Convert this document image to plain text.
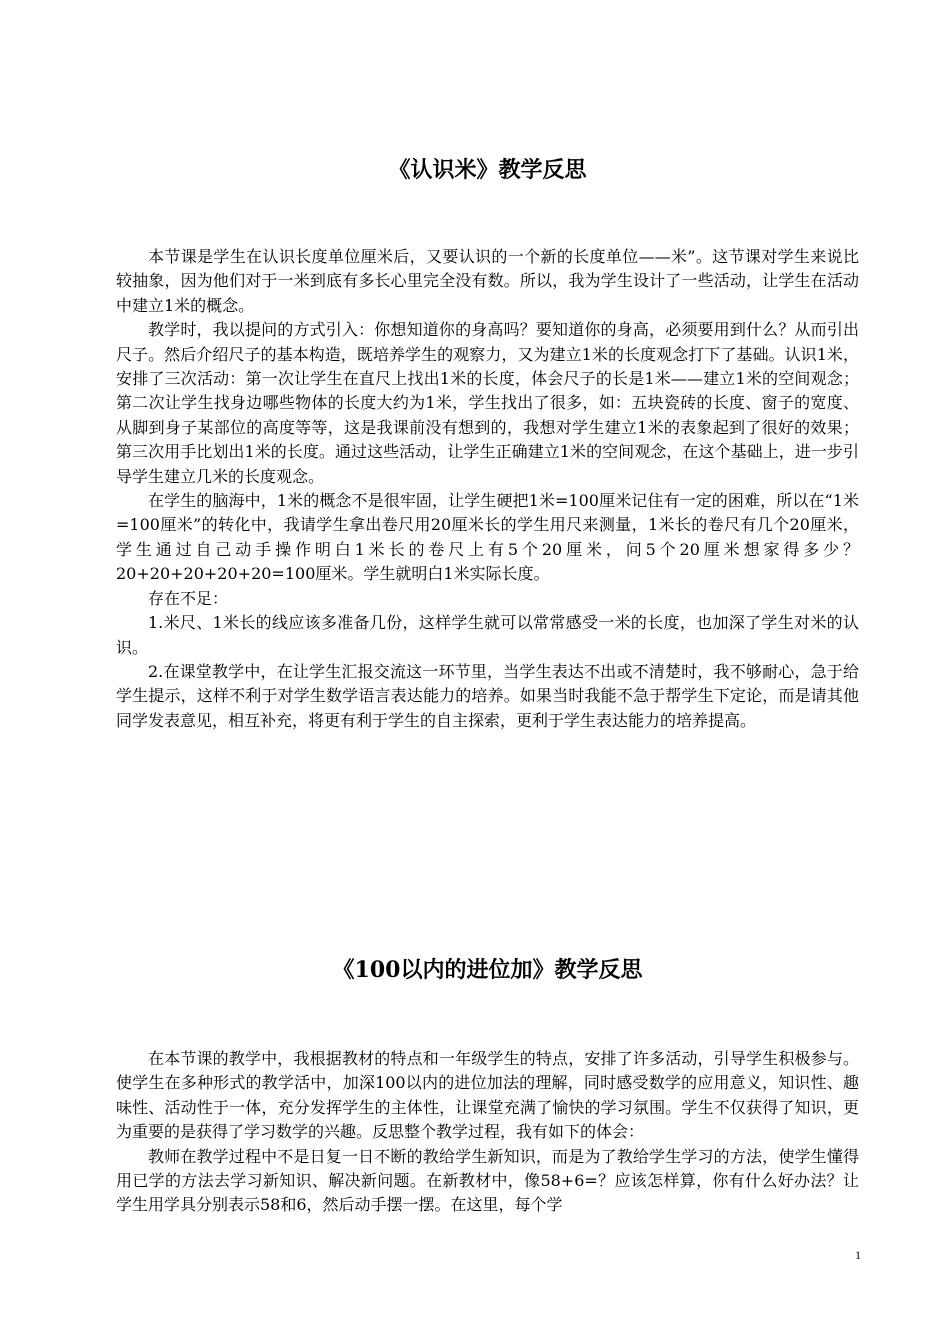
《认识米》教学反思

本节课是学生在认识长度单位厘米后，又要认识的一个新的长度单位——米”。这节课对学生来说比较抽象，因为他们对于一米到底有多长心里完全没有数。所以，我为学生设计了一些活动，让学生在活动中建立1米的概念。

教学时，我以提问的方式引入：你想知道你的身高吗？要知道你的身高，必须要用到什么？从而引出尺子。然后介绍尺子的基本构造，既培养学生的观察力，又为建立1米的长度观念打下了基础。认识1米，安排了三次活动：第一次让学生在直尺上找出1米的长度，体会尺子的长是1米——建立1米的空间观念；第二次让学生找身边哪些物体的长度大约为1米，学生找出了很多，如：五块瓷砖的长度、窗子的宽度、从脚到身子某部位的高度等等，这是我课前没有想到的，我想对学生建立1米的表象起到了很好的效果；第三次用手比划出1米的长度。通过这些活动，让学生正确建立1米的空间观念，在这个基础上，进一步引导学生建立几米的长度观念。

在学生的脑海中，1米的概念不是很牢固，让学生硬把1米=100厘米记住有一定的困难，所以在“1米=100厘米”的转化中，我请学生拿出卷尺用20厘米长的学生用尺来测量，1米长的卷尺有几个20厘米，学生通过自己动手操作明白1米长的卷尺上有5个20厘米，问5个20厘米想家得多少？20+20+20+20+20=100厘米。学生就明白1米实际长度。

存在不足：

1.米尺、1米长的线应该多准备几份，这样学生就可以常常感受一米的长度，也加深了学生对米的认识。

2.在课堂教学中，在让学生汇报交流这一环节里，当学生表达不出或不清楚时，我不够耐心，急于给学生提示，这样不利于对学生数学语言表达能力的培养。如果当时我能不急于帮学生下定论，而是请其他同学发表意见，相互补充，将更有利于学生的自主探索，更利于学生表达能力的培养提高。

《100以内的进位加》教学反思

在本节课的教学中，我根据教材的特点和一年级学生的特点，安排了许多活动，引导学生积极参与。使学生在多种形式的教学活中，加深100以内的进位加法的理解，同时感受数学的应用意义，知识性、趣味性、活动性于一体，充分发挥学生的主体性，让课堂充满了愉快的学习氛围。学生不仅获得了知识，更为重要的是获得了学习数学的兴趣。反思整个教学过程，我有如下的体会：

教师在教学过程中不是日复一日不断的教给学生新知识，而是为了教给学生学习的方法，使学生懂得用已学的方法去学习新知识、解决新问题。在新教材中，像58+6=？应该怎样算，你有什么好办法？让学生用学具分别表示58和6，然后动手摆一摆。在这里，每个学

1
